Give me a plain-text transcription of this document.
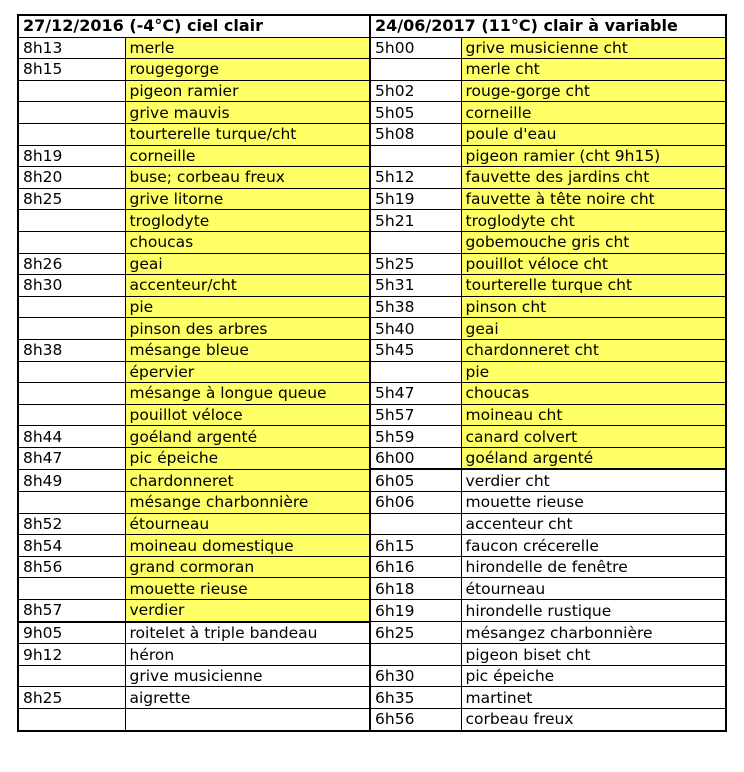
27/12/2016 (-4°C) ciel clair		24/06/2017 (11°C) clair à variable	
8h13	merle	5h00	grive musicienne cht
8h15	rougegorge		merle cht
	pigeon ramier	5h02	rouge-gorge cht
	grive mauvis	5h05	corneille
	tourterelle turque/cht	5h08	poule d'eau
8h19	corneille		pigeon ramier (cht 9h15)
8h20	buse; corbeau freux	5h12	fauvette des jardins cht
8h25	grive litorne	5h19	fauvette à tête noire cht
	troglodyte	5h21	troglodyte cht
	choucas		gobemouche gris cht
8h26	geai	5h25	pouillot véloce cht
8h30	accenteur/cht	5h31	tourterelle turque cht
	pie	5h38	pinson cht
	pinson des arbres	5h40	geai
8h38	mésange bleue	5h45	chardonneret cht
	épervier		pie
	mésange à longue queue	5h47	choucas
	pouillot véloce	5h57	moineau cht
8h44	goéland argenté	5h59	canard colvert
8h47	pic épeiche	6h00	goéland argenté
8h49	chardonneret	6h05	verdier cht
	mésange charbonnière	6h06	mouette rieuse
8h52	étourneau		accenteur cht
8h54	moineau domestique	6h15	faucon crécerelle
8h56	grand cormoran	6h16	hirondelle de fenêtre
	mouette rieuse	6h18	étourneau
8h57	verdier	6h19	hirondelle rustique
9h05	roitelet à triple bandeau	6h25	mésangez charbonnière
9h12	héron		pigeon biset cht
	grive musicienne	6h30	pic épeiche
8h25	aigrette	6h35	martinet
		6h56	corbeau freux
